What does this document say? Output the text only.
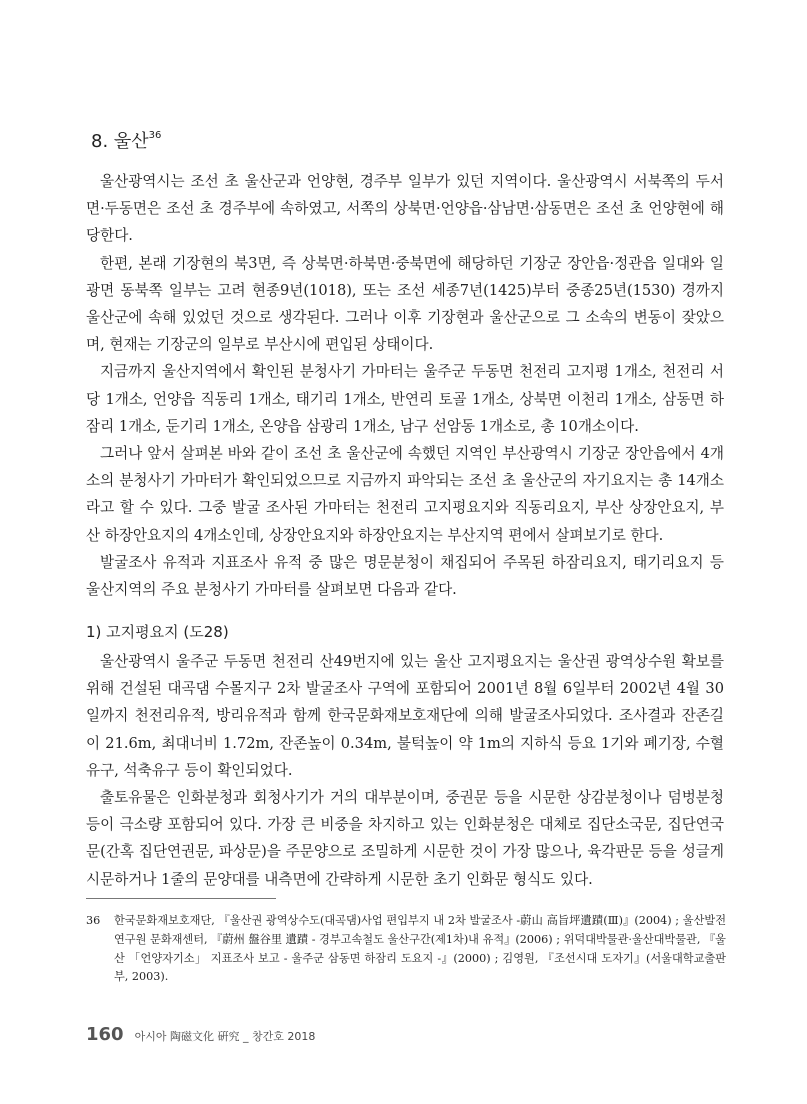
8. 울산$^{36}$

울산광역시는 조선 초 울산군과 언양현, 경주부 일부가 있던 지역이다. 울산광역시 서북쪽의 두서면·두동면은 조선 초 경주부에 속하였고, 서쪽의 상북면·언양읍·삼남면·삼동면은 조선 초 언양현에 해당한다.

한편, 본래 기장현의 북3면, 즉 상북면·하북면·중북면에 해당하던 기장군 장안읍·정관읍 일대와 일광면 동북쪽 일부는 고려 현종9년(1018), 또는 조선 세종7년(1425)부터 중종25년(1530) 경까지 울산군에 속해 있었던 것으로 생각된다. 그러나 이후 기장현과 울산군으로 그 소속의 변동이 잦았으며, 현재는 기장군의 일부로 부산시에 편입된 상태이다.

지금까지 울산지역에서 확인된 분청사기 가마터는 울주군 두동면 천전리 고지평 1개소, 천전리 서당 1개소, 언양읍 직동리 1개소, 태기리 1개소, 반연리 토골 1개소, 상북면 이천리 1개소, 삼동면 하잠리 1개소, 둔기리 1개소, 온양읍 삼광리 1개소, 남구 선암동 1개소로, 총 10개소이다.

그러나 앞서 살펴본 바와 같이 조선 초 울산군에 속했던 지역인 부산광역시 기장군 장안읍에서 4개소의 분청사기 가마터가 확인되었으므로 지금까지 파악되는 조선 초 울산군의 자기요지는 총 14개소라고 할 수 있다. 그중 발굴 조사된 가마터는 천전리 고지평요지와 직동리요지, 부산 상장안요지, 부산 하장안요지의 4개소인데, 상장안요지와 하장안요지는 부산지역 편에서 살펴보기로 한다.

발굴조사 유적과 지표조사 유적 중 많은 명문분청이 채집되어 주목된 하잠리요지, 태기리요지 등 울산지역의 주요 분청사기 가마터를 살펴보면 다음과 같다.

1) 고지평요지 (도28)

울산광역시 울주군 두동면 천전리 산49번지에 있는 울산 고지평요지는 울산권 광역상수원 확보를 위해 건설된 대곡댐 수몰지구 2차 발굴조사 구역에 포함되어 2001년 8월 6일부터 2002년 4월 30일까지 천전리유적, 방리유적과 함께 한국문화재보호재단에 의해 발굴조사되었다. 조사결과 잔존길이 21.6m, 최대너비 1.72m, 잔존높이 0.34m, 불턱높이 약 1m의 지하식 등요 1기와 폐기장, 수혈유구, 석축유구 등이 확인되었다.

출토유물은 인화분청과 회청사기가 거의 대부분이며, 중권문 등을 시문한 상감분청이나 덤벙분청 등이 극소량 포함되어 있다. 가장 큰 비중을 차지하고 있는 인화분청은 대체로 집단소국문, 집단연국문(간혹 집단연권문, 파상문)을 주문양으로 조밀하게 시문한 것이 가장 많으나, 육각판문 등을 성글게 시문하거나 1줄의 문양대를 내측면에 간략하게 시문한 초기 인화문 형식도 있다.

36	한국문화재보호재단, 『울산권 광역상수도(대곡댐)사업 편입부지 내 2차 발굴조사 -蔚山 高旨坪遺蹟(Ⅲ)』(2004) ; 울산발전연구원 문화재센터, 『蔚州 盤谷里 遺蹟 - 경부고속철도 울산구간(제1차)내 유적』(2006) ; 위덕대박물관·울산대박물관, 『울산 「언양자기소」 지표조사 보고 - 울주군 삼동면 하잠리 도요지 -』(2000) ; 김영원, 『조선시대 도자기』(서울대학교출판부, 2003).
160 아시아 陶磁文化 硏究 _ 창간호 2018
